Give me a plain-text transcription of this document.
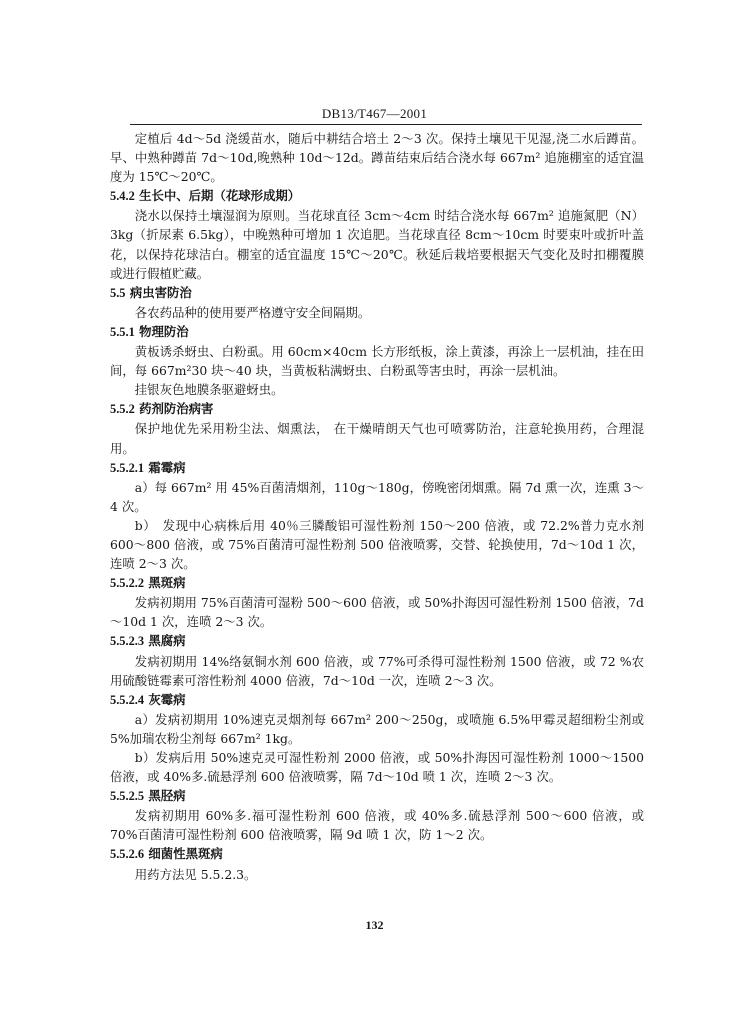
DB13/T467—2001

定植后 4d～5d 浇缓苗水，随后中耕结合培土 2～3 次。保持土壤见干见湿,浇二水后蹲苗。早、中熟种蹲苗 7d～10d,晚熟种 10d～12d。蹲苗结束后结合浇水每 667m² 追施棚室的适宜温度为 15℃～20℃。

5.4.2 生长中、后期（花球形成期）

浇水以保持土壤湿润为原则。当花球直径 3cm～4cm 时结合浇水每 667m² 追施氮肥（N）3kg（折尿素 6.5kg），中晚熟种可增加 1 次追肥。当花球直径 8cm～10cm 时要束叶或折叶盖花，以保持花球洁白。棚室的适宜温度 15℃～20℃。秋延后栽培要根据天气变化及时扣棚覆膜或进行假植贮藏。

5.5 病虫害防治

各农药品种的使用要严格遵守安全间隔期。

5.5.1 物理防治

黄板诱杀蚜虫、白粉虱。用 60cm×40cm 长方形纸板，涂上黄漆，再涂上一层机油，挂在田间，每 667m²30 块～40 块，当黄板粘满蚜虫、白粉虱等害虫时，再涂一层机油。

挂银灰色地膜条驱避蚜虫。

5.5.2 药剂防治病害

保护地优先采用粉尘法、烟熏法， 在干燥晴朗天气也可喷雾防治，注意轮换用药，合理混用。

5.5.2.1 霜霉病

a）每 667m² 用 45%百菌清烟剂，110g～180g，傍晚密闭烟熏。隔 7d 熏一次，连熏 3～4 次。

b）　发现中心病株后用 40％三膦酸铝可湿性粉剂 150～200 倍液，或 72.2%普力克水剂 600～800 倍液，或 75%百菌清可湿性粉剂 500 倍液喷雾，交替、轮换使用，7d～10d 1 次，连喷 2～3 次。

5.5.2.2 黑斑病

发病初期用 75%百菌清可湿粉 500～600 倍液，或 50%扑海因可湿性粉剂 1500 倍液，7d～10d 1 次，连喷 2～3 次。

5.5.2.3 黑腐病

发病初期用 14%络氨铜水剂 600 倍液，或 77%可杀得可湿性粉剂 1500 倍液，或 72 %农用硫酸链霉素可溶性粉剂 4000 倍液，7d～10d 一次，连喷 2～3 次。

5.5.2.4 灰霉病

a）发病初期用 10%速克灵烟剂每 667m² 200～250g，或喷施 6.5%甲霉灵超细粉尘剂或 5%加瑞农粉尘剂每 667m² 1kg。

b）发病后用 50%速克灵可湿性粉剂 2000 倍液，或 50%扑海因可湿性粉剂 1000～1500 倍液，或 40%多.硫悬浮剂 600 倍液喷雾，隔 7d～10d 喷 1 次，连喷 2～3 次。

5.5.2.5 黑胫病

发病初期用 60%多.福可湿性粉剂 600 倍液，或 40%多.硫悬浮剂 500～600 倍液，或 70%百菌清可湿性粉剂 600 倍液喷雾，隔 9d 喷 1 次，防 1～2 次。

5.5.2.6 细菌性黑斑病

用药方法见 5.5.2.3。

132
